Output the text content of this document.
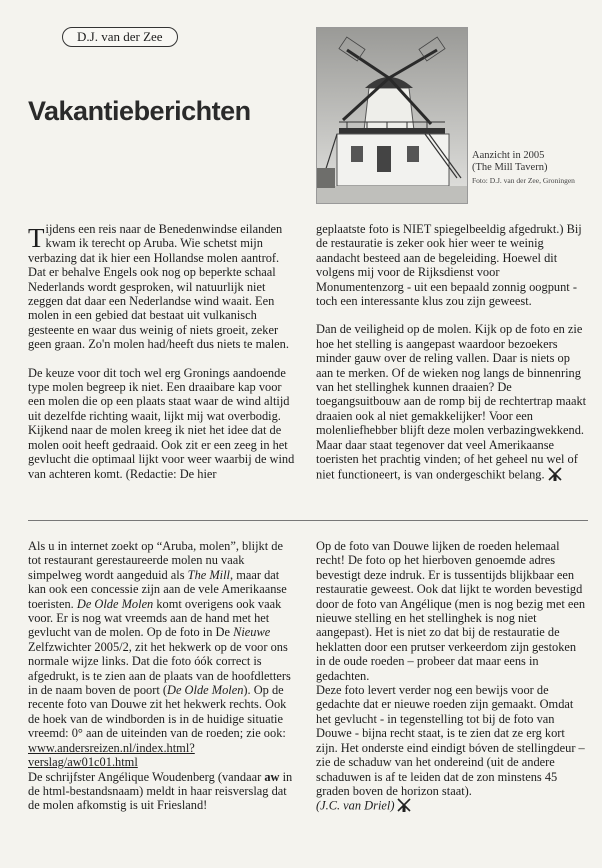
D.J. van der Zee
Vakantieberichten
Aanzicht in 2005
(The Mill Tavern)
Foto: D.J. van der Zee, Groningen

Tijdens een reis naar de Benedenwindse eilanden kwam ik terecht op Aruba. Wie schetst mijn verbazing dat ik hier een Hollandse molen aantrof. Dat er behalve Engels ook nog op beperkte schaal Nederlands wordt gesproken, wil natuurlijk niet zeggen dat daar een Nederlandse wind waait. Een molen in een gebied dat bestaat uit vulkanisch gesteente en waar dus weinig of niets groeit, zeker geen graan. Zo'n molen had/heeft dus niets te malen.

De keuze voor dit toch wel erg Gronings aandoende type molen begreep ik niet. Een draaibare kap voor een molen die op een plaats staat waar de wind altijd uit dezelfde richting waait, lijkt mij wat overbodig. Kijkend naar de molen kreeg ik niet het idee dat de molen ooit heeft gedraaid. Ook zit er een zeeg in het gevlucht die optimaal lijkt voor weer waarbij de wind van achteren komt. (Redactie: De hier

geplaatste foto is NIET spiegelbeeldig afgedrukt.) Bij de restauratie is zeker ook hier weer te weinig aandacht besteed aan de begeleiding. Hoewel dit volgens mij voor de Rijksdienst voor Monumentenzorg - uit een bepaald zonnig oogpunt - toch een interessante klus zou zijn geweest.

Dan de veiligheid op de molen. Kijk op de foto en zie hoe het stelling is aangepast waardoor bezoekers minder gauw over de reling vallen. Daar is niets op aan te merken. Of de wieken nog langs de binnenring van het stellinghek kunnen draaien? De toegangsuitbouw aan de romp bij de rechtertrap maakt draaien ook al niet gemakkelijker! Voor een molenliefhebber blijft deze molen verbazingwekkend. Maar daar staat tegenover dat veel Amerikaanse toeristen het prachtig vinden; of het geheel nu wel of niet functioneert, is van ondergeschikt belang.

Als u in internet zoekt op “Aruba, molen”, blijkt de tot restaurant gerestaureerde molen nu vaak simpelweg wordt aangeduid als The Mill, maar dat kan ook een concessie zijn aan de vele Amerikaanse toeristen. De Olde Molen komt overigens ook vaak voor. Er is nog wat vreemds aan de hand met het gevlucht van de molen. Op de foto in De Nieuwe Zelfzwichter 2005/2, zit het hekwerk op de voor ons normale wijze links. Dat die foto óók correct is afgedrukt, is te zien aan de plaats van de hoofdletters in de naam boven de poort (De Olde Molen). Op de recente foto van Douwe zit het hekwerk rechts. Ook de hoek van de windborden is in de huidige situatie vreemd: 0° aan de uiteinden van de roeden; zie ook:
www.andersreizen.nl/index.html?verslag/aw01c01.html
De schrijfster Angélique Woudenberg (vandaar aw in de html-bestandsnaam) meldt in haar reisverslag dat de molen afkomstig is uit Friesland!

Op de foto van Douwe lijken de roeden helemaal recht! De foto op het hierboven genoemde adres bevestigt deze indruk. Er is tussentijds blijkbaar een restauratie geweest. Ook dat lijkt te worden bevestigd door de foto van Angélique (men is nog bezig met een nieuwe stelling en het stellinghek is nog niet aangepast). Het is niet zo dat bij de restauratie de heklatten door een prutser verkeerdom zijn gestoken in de oude roeden – probeer dat maar eens in gedachten.

Deze foto levert verder nog een bewijs voor de gedachte dat er nieuwe roeden zijn gemaakt. Omdat het gevlucht - in tegenstelling tot bij de foto van Douwe - bijna recht staat, is te zien dat ze erg kort zijn. Het onderste eind eindigt bóven de stellingdeur – zie de schaduw van het ondereind (uit de andere schaduwen is af te leiden dat de zon minstens 45 graden boven de horizon staat).

(J.C. van Driel)
